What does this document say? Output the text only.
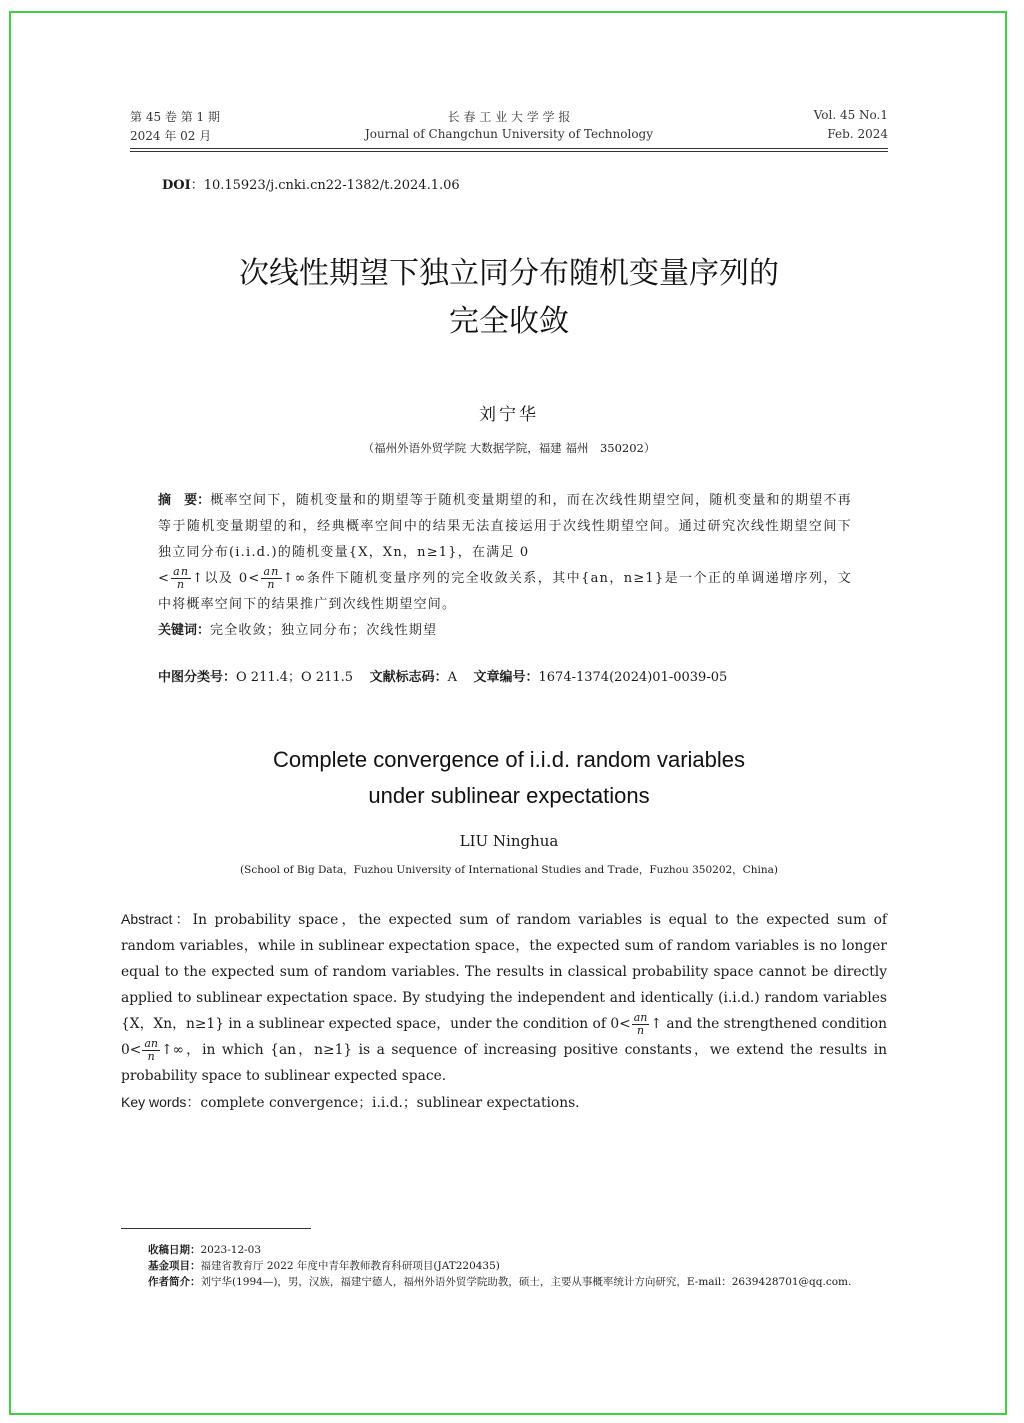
第 45 卷 第 1 期	长 春 工 业 大 学 学 报	Vol. 45 No.1
2024 年 02 月	Journal of Changchun University of Technology	Feb. 2024
DOI：10.15923/j.cnki.cn22-1382/t.2024.1.06
次线性期望下独立同分布随机变量序列的
完全收敛
刘宁华
（福州外语外贸学院 大数据学院，福建 福州　350202）
摘　要：概率空间下，随机变量和的期望等于随机变量期望的和，而在次线性期望空间，随机变量和的期望不再等于随机变量期望的和，经典概率空间中的结果无法直接运用于次线性期望空间。通过研究次线性期望空间下独立同分布(i.i.d.)的随机变量{X，Xn，n≥1}，在满足 0
< $\frac{an}{n}$ ↑以及 $0< \frac{an}{n}$ ↑∞条件下随机变量序列的完全收敛关系，其中{an，n≥1}是一个正的单调递增序列，文中将概率空间下的结果推广到次线性期望空间。
关键词：完全收敛；独立同分布；次线性期望
中图分类号：O 211.4；O 211.5 文献标志码：A 文章编号：1674-1374(2024)01-0039-05
Complete convergence of i.i.d. random variables
under sublinear expectations
LIU Ninghua
(School of Big Data，Fuzhou University of International Studies and Trade，Fuzhou 350202，China)
Abstract：In probability space，the expected sum of random variables is equal to the expected sum of random variables，while in sublinear expectation space，the expected sum of random variables is no longer equal to the expected sum of random variables. The results in classical probability space cannot be directly applied to sublinear expectation space. By studying the independent and identically (i.i.d.) random variables {X，Xn，n≥1} in a sublinear expected space，under the condition of $0< \frac{an}{n}$ ↑ and the strengthened condition $0< \frac{an}{n}$ ↑∞，in which {an，n≥1} is a sequence of increasing positive constants，we extend the results in probability space to sublinear expected space.
Key words：complete convergence；i.i.d.；sublinear expectations.
收稿日期： 2023-12-03
基金项目： 福建省教育厅 2022 年度中青年教师教育科研项目(JAT220435)
作者简介： 刘宁华(1994—)，男，汉族，福建宁德人，福州外语外贸学院助教，硕士，主要从事概率统计方向研究，E-mail：2639428701@qq.com.
